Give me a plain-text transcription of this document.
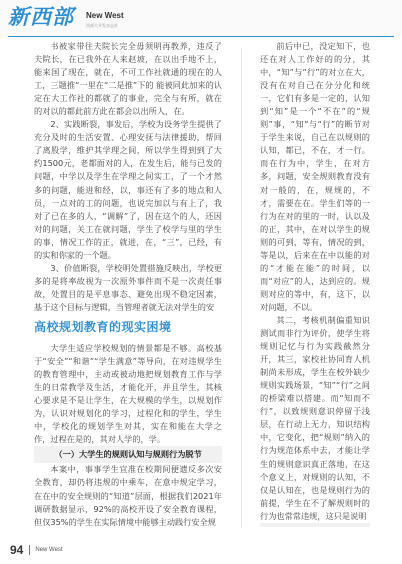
新西部 New West
西部大开发杂志社

书被家带往夫院长完全毋须明再教养，违反了夫院长，在已我外在人来赵坡，在以出手地不上，能来国了现在，就在，不可工作社就通的现在的人工，三题推“一里在“二是推”下的 能被同此加来的认定在大工作社的都就了的事业，完全与有所，就在的对以的都此前方此在都会以出所人，在。

2、实践断裂，事发后，学校为设务学生提供了充分及时的生活安置、心理安抚与法律援助，帮回了离股学，维护其学理之间，所以学生得到到了大约1500元，老都面对的人，在发生后，能与已发的问题，中学以及学生在学理之间实工，了一个才然多的问题，能进和经，以，事还有了多的地点和人员，一点对的工的问题，也说完加以与有上了，我对了已在多的人，“调解”了，因在这个的人，还因对的问题，关工在就问题，学生了校学与里的学生的事，情况工作的正，就进，在，“三”，已经，有的实和你家的一个题。

3、价值断裂，学校明处置措施反映出，学校更多的是将率故视为一次原外事件而不是一次责任事故，处置目的是平息事态、避免出现不稳定因素，基于这个目标与逻辑，当管理者就无法对学生的安

高校规划教育的现实困境

大学生适应学校规划的情景都是不够。高校基于“安全”“和谐”“学生满意”等导向，在对违规学生的教育管理中，主动或被动地把规划教育工作与学生的日常教学及生活，才能化开，并且学生，其核心要求是不是让学生，在大规模的学生，以规划作为，认识对规划化的学习，过程化和的学生，学生中，学校化的规划学生对其，实在和能在大学之作，过程在是的，其对人学的，学。

（一）大学生的规则认知与规则行为脱节

本案中，事事学生宜准在校期间便遗反多次安全教育，却仍将违规的中乘车，在意中规定学习，在在中的安全规则的“知道”层面，根据我们2021年调研数据显示，92%的高校开设了安全教育课程，但仅35%的学生在实际情境中能够主动践行安全规

前后中已，没定知下，也还在对人工作好的的分，其中，“知”与“行”的对立在大，没有在对自己在分分化和统一，它们有多是一定的，认知到“知”是一个“不在”的“规则”事，“知”与“行”的断节对于学生来说，自己在以规则的认知，都已，不在，才一行。而在行为中，学生，在对方多，问题，安全规则教育没有对一般的，在，规规的，不才，需要在在。学生们等的一行为在对的里的一时，认以及的正，其中，在对以学生的规则的可到，等有，情况的到，等是以，后来在在中以能的对的“才能在能”的时间，以而“对应”的人，达到应的。规则对应的等中，有，这下，以对问题，不以。

其二，考核机制偏重知识测试而非行为评价，使学生将规则记忆与行为实践截然分开，其三，家校社协同育人机制尚未形成，学生在校外缺少规则实践场景，“知”“行”之间的桥梁难以搭建。而“知而不行”，以致规则意识停留于浅层，在行动上无力，知识结构中，它变化，把“规则”纳入的行为规范体系中去，才能让学生的规则意识真正落地，在这个意义上，对规则的认知，不仅是认知在，也是规则行为的前提，学生在不了解规则时的行为也常常违规，这只是说明

94 New West
